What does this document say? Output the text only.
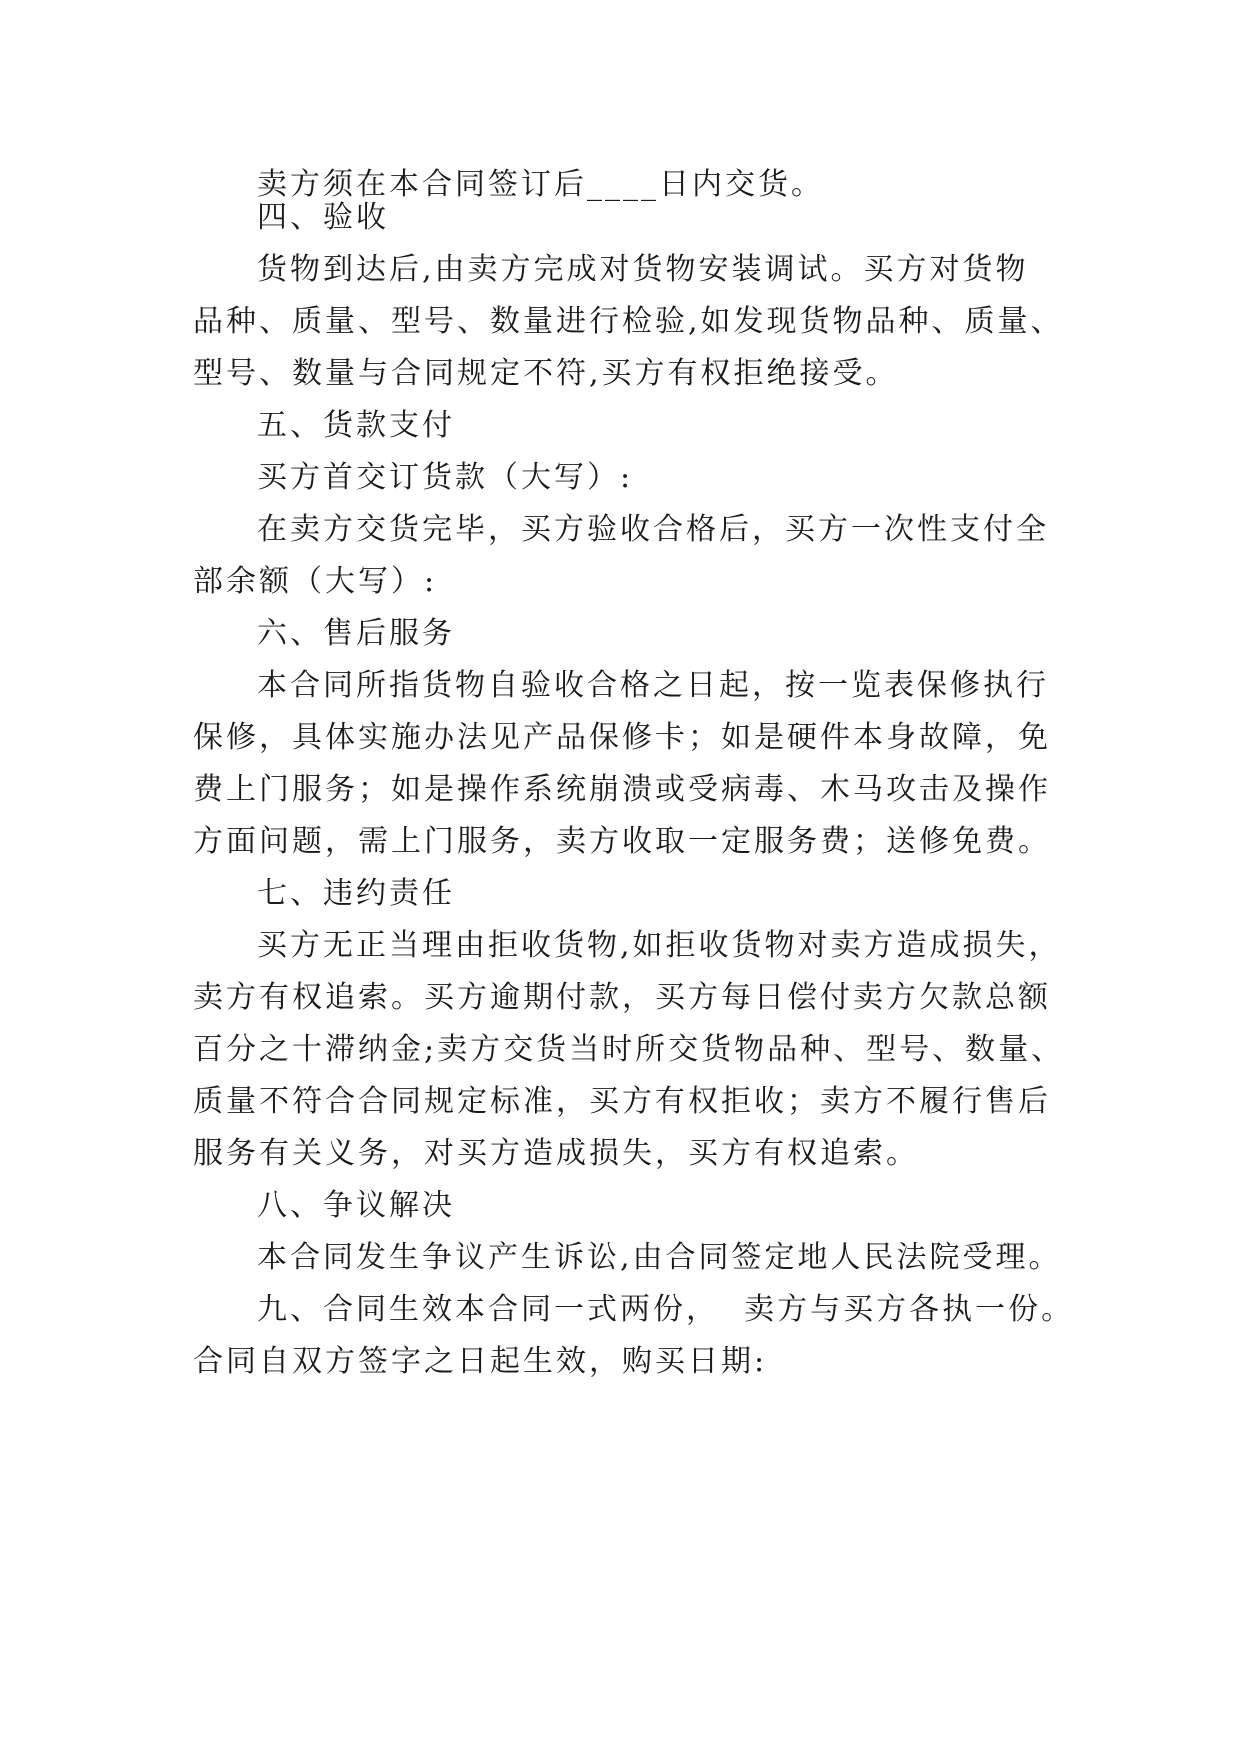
卖方须在本合同签订后____日内交货。
四、验收
货物到达后,由卖方完成对货物安装调试。买方对货物
品种、质量、型号、数量进行检验,如发现货物品种、质量、
型号、数量与合同规定不符,买方有权拒绝接受。
五、货款支付
买方首交订货款（大写）:
在卖方交货完毕，买方验收合格后，买方一次性支付全
部余额（大写）:
六、售后服务
本合同所指货物自验收合格之日起，按一览表保修执行
保修，具体实施办法见产品保修卡；如是硬件本身故障，免
费上门服务；如是操作系统崩溃或受病毒、木马攻击及操作
方面问题，需上门服务，卖方收取一定服务费；送修免费。
七、违约责任
买方无正当理由拒收货物,如拒收货物对卖方造成损失，
卖方有权追索。买方逾期付款，买方每日偿付卖方欠款总额
百分之十滞纳金;卖方交货当时所交货物品种、型号、数量、
质量不符合合同规定标准，买方有权拒收；卖方不履行售后
服务有关义务，对买方造成损失，买方有权追索。
八、争议解决
本合同发生争议产生诉讼,由合同签定地人民法院受理。
九、合同生效本合同一式两份，  卖方与买方各执一份。
合同自双方签字之日起生效，购买日期:
